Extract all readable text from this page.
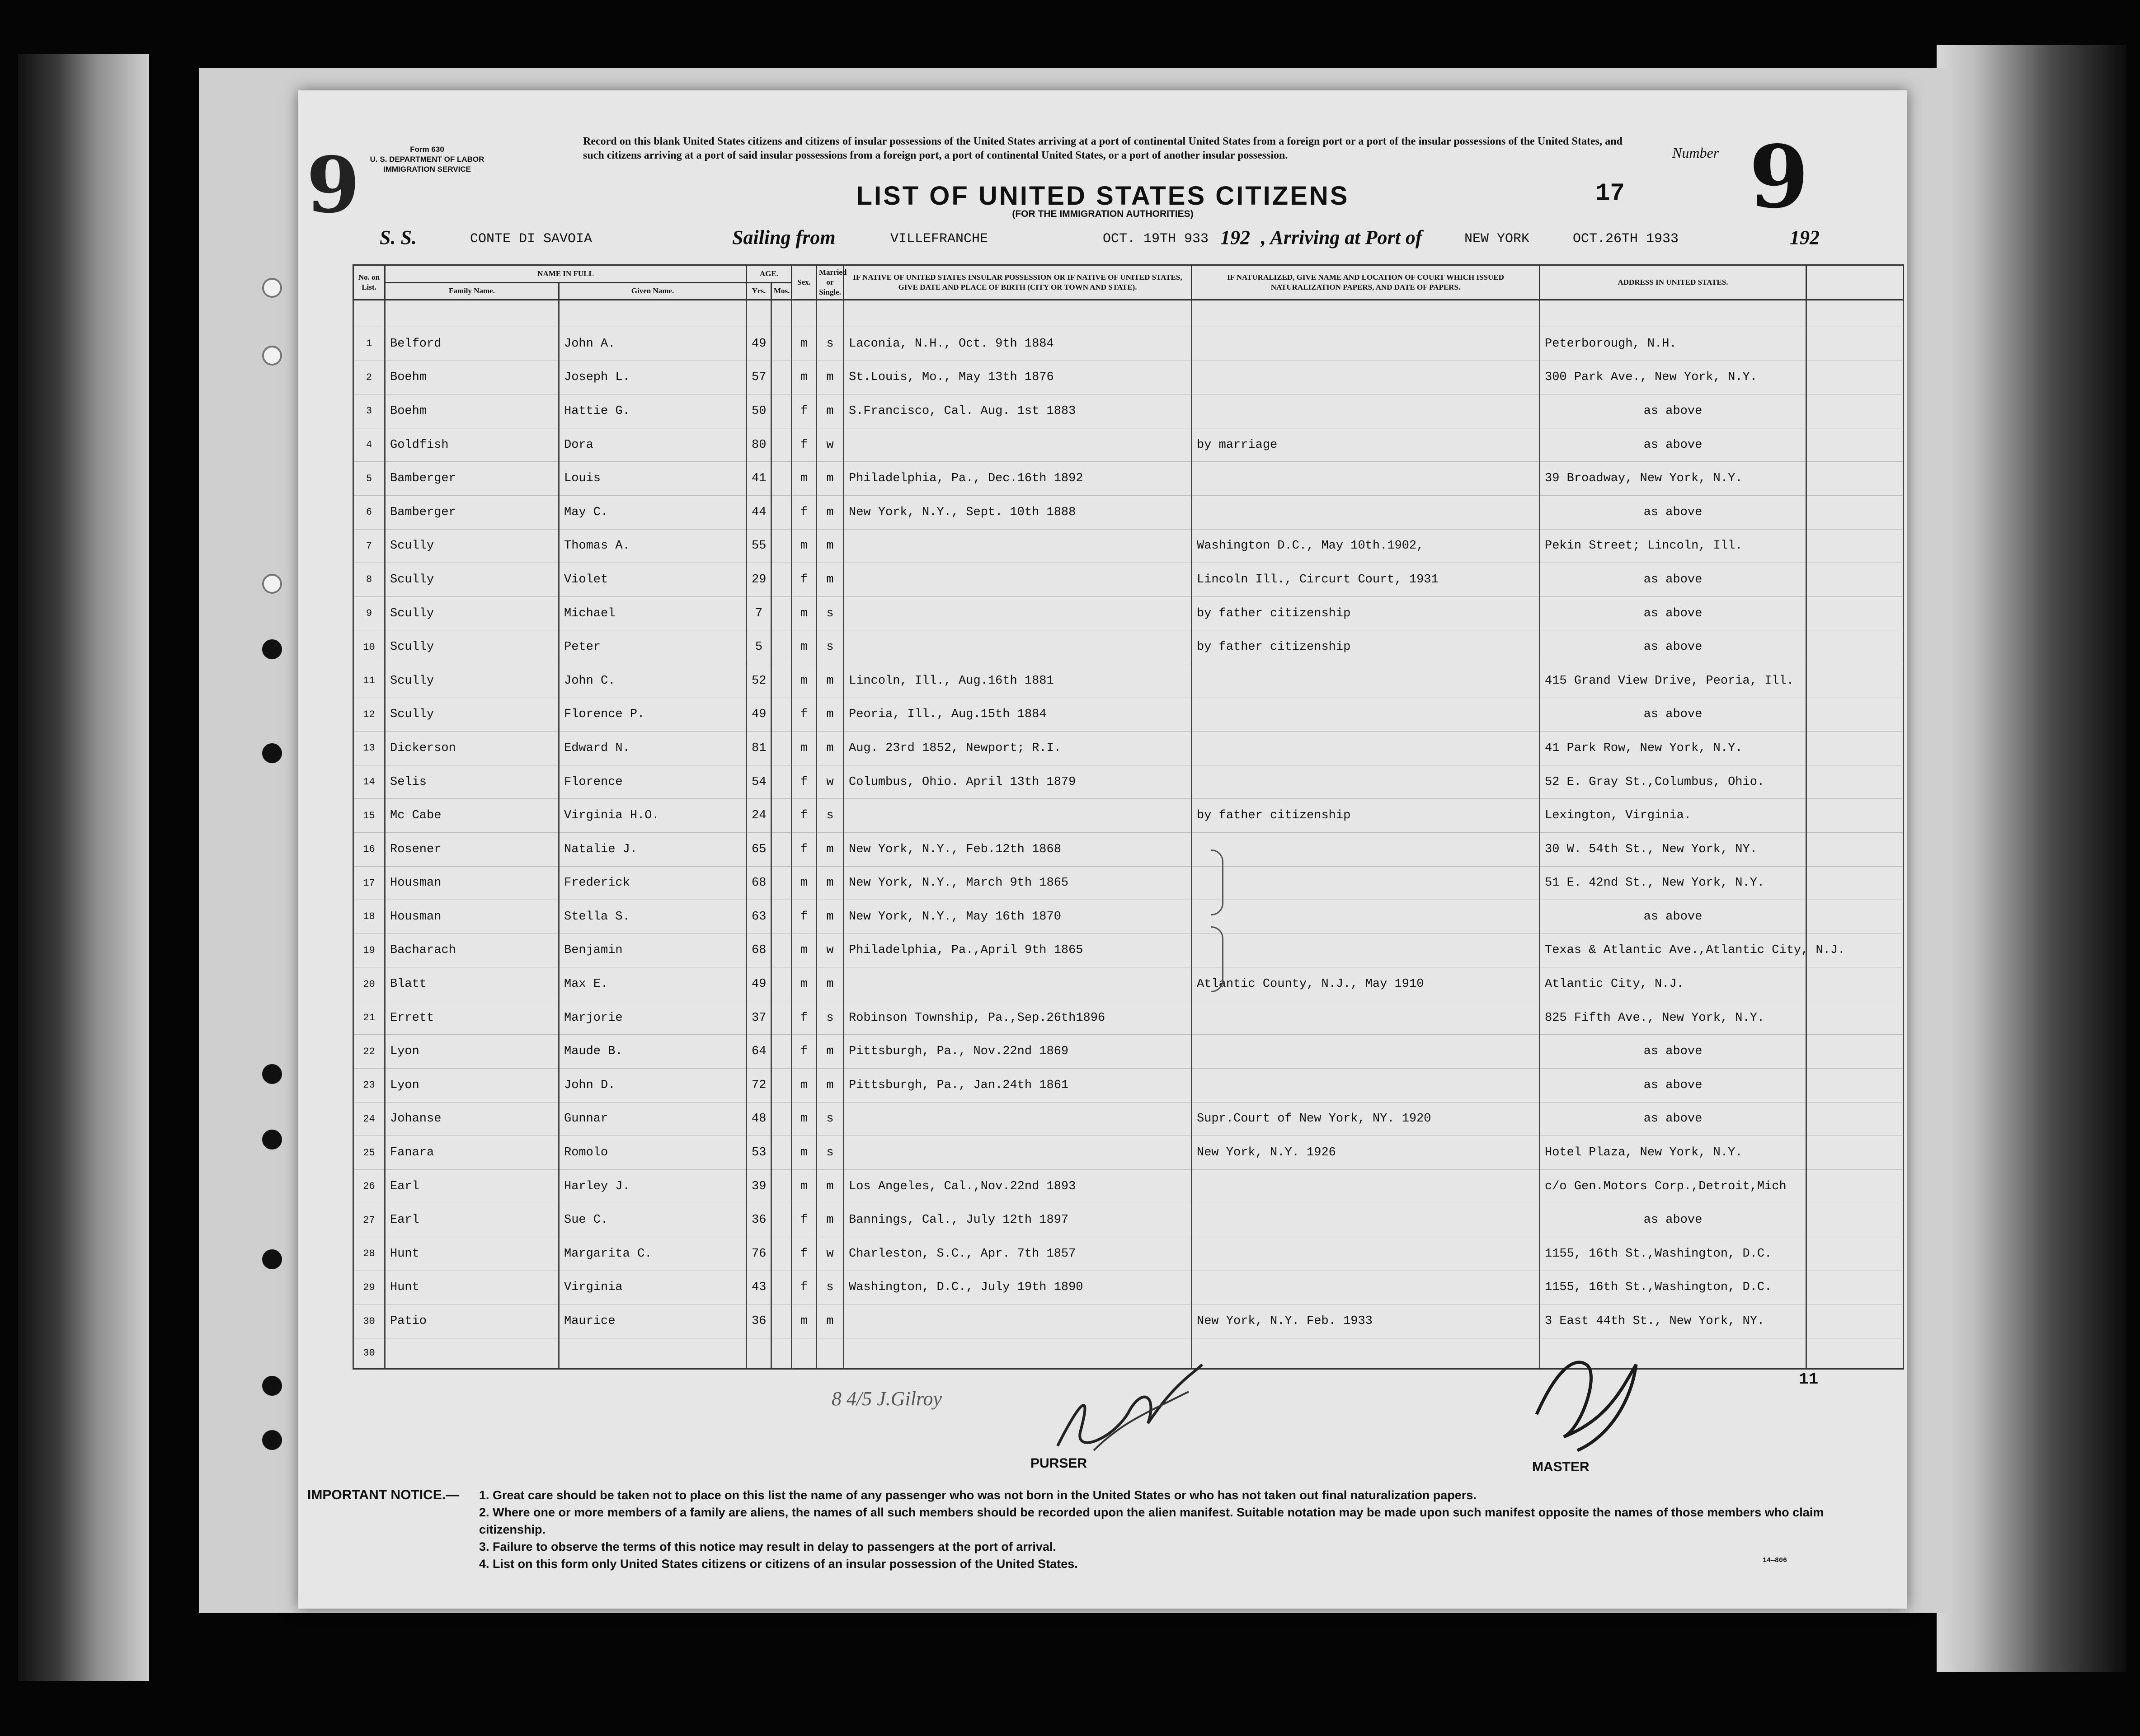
9	Form 630
U. S. DEPARTMENT OF LABOR
IMMIGRATION SERVICE
Record on this blank United States citizens and citizens of insular possessions of the United States arriving at a port of continental United States from a foreign port or a port of the insular possessions of the United States, and such citizens arriving at a port of said insular possessions from a foreign port, a port of continental United States, or a port of another insular possession.	Number 9
LIST OF UNITED STATES CITIZENS
(FOR THE IMMIGRATION AUTHORITIES)
17
S. S.	CONTE DI SAVOIA	Sailing from	VILLEFRANCHE	OCT. 19TH 933 192 , Arriving at Port of	NEW YORK	OCT.26TH 1933	192
No. on List.	NAME IN FULL		AGE.		Sex.	Married or Single.	IF NATIVE OF UNITED STATES INSULAR POSSESSION OR IF NATIVE OF UNITED STATES, GIVE DATE AND PLACE OF BIRTH (CITY OR TOWN AND STATE).	IF NATURALIZED, GIVE NAME AND LOCATION OF COURT WHICH ISSUED NATURALIZATION PAPERS, AND DATE OF PAPERS.	ADDRESS IN UNITED STATES.	
	Family Name.	Given Name.	Yrs.	Mos.						

1	Belford	John A.	49		m	s	Laconia, N.H., Oct. 9th 1884		Peterborough, N.H.	
2	Boehm	Joseph L.	57		m	m	St.Louis, Mo., May 13th 1876		300 Park Ave., New York, N.Y.	
3	Boehm	Hattie G.	50		f	m	S.Francisco, Cal. Aug. 1st 1883		as above	
4	Goldfish	Dora	80		f	w		by marriage	as above	
5	Bamberger	Louis	41		m	m	Philadelphia, Pa., Dec.16th 1892		39 Broadway, New York, N.Y.	
6	Bamberger	May C.	44		f	m	New York, N.Y., Sept. 10th 1888		as above	
7	Scully	Thomas A.	55		m	m		Washington D.C., May 10th.1902,	Pekin Street; Lincoln, Ill.	
8	Scully	Violet	29		f	m		Lincoln Ill., Circurt Court, 1931	as above	
9	Scully	Michael	7		m	s		by father citizenship	as above	
10	Scully	Peter	5		m	s		by father citizenship	as above	
11	Scully	John C.	52		m	m	Lincoln, Ill., Aug.16th 1881		415 Grand View Drive, Peoria, Ill.	
12	Scully	Florence P.	49		f	m	Peoria, Ill., Aug.15th 1884		as above	
13	Dickerson	Edward N.	81		m	m	Aug. 23rd 1852, Newport; R.I.		41 Park Row, New York, N.Y.	
14	Selis	Florence	54		f	w	Columbus, Ohio. April 13th 1879		52 E. Gray St.,Columbus, Ohio.	
15	Mc Cabe	Virginia H.O.	24		f	s		by father citizenship	Lexington, Virginia.	
16	Rosener	Natalie J.	65		f	m	New York, N.Y., Feb.12th 1868		30 W. 54th St., New York, NY.	
17	Housman	Frederick	68		m	m	New York, N.Y., March 9th 1865		51 E. 42nd St., New York, N.Y.	
18	Housman	Stella S.	63		f	m	New York, N.Y., May 16th 1870		as above	
19	Bacharach	Benjamin	68		m	w	Philadelphia, Pa.,April 9th 1865		Texas & Atlantic Ave.,Atlantic City, N.J.	
20	Blatt	Max E.	49		m	m		Atlantic County, N.J., May 1910	Atlantic City, N.J.	
21	Errett	Marjorie	37		f	s	Robinson Township, Pa.,Sep.26th1896		825 Fifth Ave., New York, N.Y.	
22	Lyon	Maude B.	64		f	m	Pittsburgh, Pa., Nov.22nd 1869		as above	
23	Lyon	John D.	72		m	m	Pittsburgh, Pa., Jan.24th 1861		as above	
24	Johanse	Gunnar	48		m	s		Supr.Court of New York, NY. 1920	as above	
25	Fanara	Romolo	53		m	s		New York, N.Y. 1926	Hotel Plaza, New York, N.Y.	
26	Earl	Harley J.	39		m	m	Los Angeles, Cal.,Nov.22nd 1893		c/o Gen.Motors Corp.,Detroit,Mich	
27	Earl	Sue C.	36		f	m	Bannings, Cal., July 12th 1897		as above	
28	Hunt	Margarita C.	76		f	w	Charleston, S.C., Apr. 7th 1857		1155, 16th St.,Washington, D.C.	
29	Hunt	Virginia	43		f	s	Washington, D.C., July 19th 1890		1155, 16th St.,Washington, D.C.	
30	Patio	Maurice	36		m	m		New York, N.Y. Feb. 1933	3 East 44th St., New York, NY.	
30										
8 4/5 J.Gilroy
11
PURSER	MASTER
IMPORTANT NOTICE.—	1. Great care should be taken not to place on this list the name of any passenger who was not born in the United States or who has not taken out final naturalization papers.
2. Where one or more members of a family are aliens, the names of all such members should be recorded upon the alien manifest. Suitable notation may be made upon such manifest opposite the names of those members who claim citizenship.
3. Failure to observe the terms of this notice may result in delay to passengers at the port of arrival.
4. List on this form only United States citizens or citizens of an insular possession of the United States.	14—806
